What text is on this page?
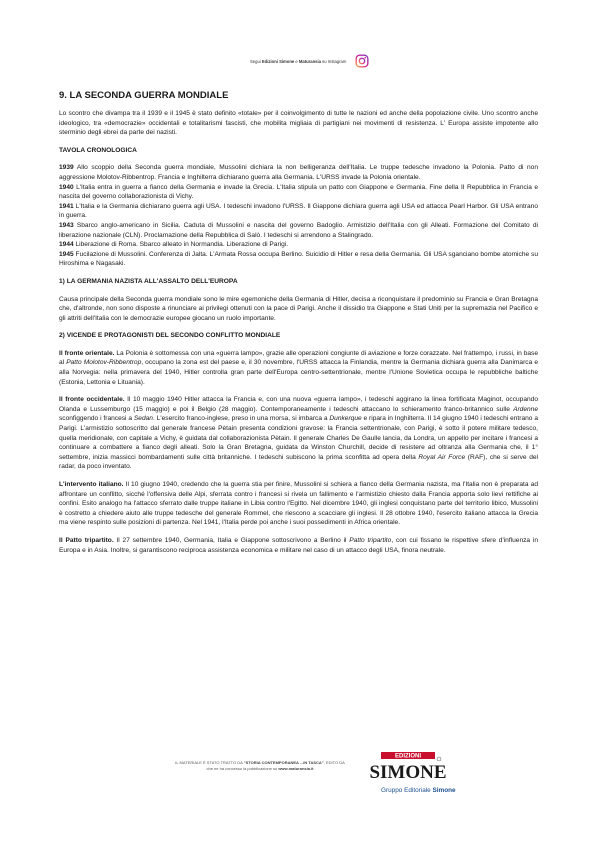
Segui Edizioni Simone e Maturansia su Instagram
9. LA SECONDA GUERRA MONDIALE

Lo scontro che divampa tra il 1939 e il 1945 è stato definito «totale» per il coinvolgimento di tutte le nazioni ed anche della popolazione civile. Uno scontro anche ideologico, tra «democrazie» occidentali e totalitarismi fascisti, che mobilita migliaia di partigiani nei movimenti di resistenza. L' Europa assiste impotente allo sterminio degli ebrei da parte dei nazisti.

TAVOLA CRONOLOGICA

1939 Allo scoppio della Seconda guerra mondiale, Mussolini dichiara la non belligeranza dell'Italia. Le truppe tedesche invadono la Polonia. Patto di non aggressione Molotov-Ribbentrop. Francia e Inghilterra dichiarano guerra alla Germania. L'URSS invade la Polonia orientale.

1940 L'Italia entra in guerra a fianco della Germania e invade la Grecia. L'Italia stipula un patto con Giappone e Germania. Fine della II Repubblica in Francia e nascita del governo collaborazionista di Vichy.

1941 L'Italia e la Germania dichiarano guerra agli USA. I tedeschi invadono l'URSS. Il Giappone dichiara guerra agli USA ed attacca Pearl Harbor. Gli USA entrano in guerra.

1943 Sbarco anglo-americano in Sicilia. Caduta di Mussolini e nascita del governo Badoglio. Armistizio dell'Italia con gli Alleati. Formazione del Comitato di liberazione nazionale (CLN). Proclamazione della Repubblica di Salò. I tedeschi si arrendono a Stalingrado.

1944 Liberazione di Roma. Sbarco alleato in Normandia. Liberazione di Parigi.

1945 Fucilazione di Mussolini. Conferenza di Jalta. L'Armata Rossa occupa Berlino. Suicidio di Hitler e resa della Germania. Gli USA sganciano bombe atomiche su Hiroshima e Nagasaki.

1) LA GERMANIA NAZISTA ALL'ASSALTO DELL'EUROPA

Causa principale della Seconda guerra mondiale sono le mire egemoniche della Germania di Hitler, decisa a riconquistare il predominio su Francia e Gran Bretagna che, d'altronde, non sono disposte a rinunciare ai privilegi ottenuti con la pace di Parigi. Anche il dissidio tra Giappone e Stati Uniti per la supremazia nel Pacifico e gli attriti dell'Italia con le democrazie europee giocano un ruolo importante.

2) VICENDE E PROTAGONISTI DEL SECONDO CONFLITTO MONDIALE

Il fronte orientale. La Polonia è sottomessa con una «guerra lampo», grazie alle operazioni congiunte di aviazione e forze corazzate. Nel frattempo, i russi, in base al Patto Molotov-Ribbentrop, occupano la zona est del paese e, il 30 novembre, l'URSS attacca la Finlandia, mentre la Germania dichiara guerra alla Danimarca e alla Norvegia: nella primavera del 1940, Hitler controlla gran parte dell'Europa centro-settentrionale, mentre l'Unione Sovietica occupa le repubbliche baltiche (Estonia, Lettonia e Lituania).

Il fronte occidentale. Il 10 maggio 1940 Hitler attacca la Francia e, con una nuova «guerra lampo», i tedeschi aggirano la linea fortificata Maginot, occupando Olanda e Lussemburgo (15 maggio) e poi il Belgio (28 maggio). Contemporaneamente i tedeschi attaccano lo schieramento franco-britannico sulle Ardenne sconfiggendo i francesi a Sedan. L'esercito franco-inglese, preso in una morsa, si imbarca a Dunkerque e ripara in Inghilterra. Il 14 giugno 1940 i tedeschi entrano a Parigi. L'armistizio sottoscritto dal generale francese Pètain presenta condizioni gravose: la Francia settentrionale, con Parigi, è sotto il potere militare tedesco, quella meridionale, con capitale a Vichy, è guidata dal collaborazionista Pètain. Il generale Charles De Gaulle lancia, da Londra, un appello per incitare i francesi a continuare a combattere a fianco degli alleati. Solo la Gran Bretagna, guidata da Winston Churchill, decide di resistere ad oltranza alla Germania che, il 1° settembre, inizia massicci bombardamenti sulle città britanniche. I tedeschi subiscono la prima sconfitta ad opera della Royal Air Force (RAF), che si serve del radar, da poco inventato.

L'intervento italiano. Il 10 giugno 1940, credendo che la guerra stia per finire, Mussolini si schiera a fianco della Germania nazista, ma l'Italia non è preparata ad affrontare un conflitto, sicché l'offensiva delle Alpi, sferrata contro i francesi si rivela un fallimento e l'armistizio chiesto dalla Francia apporta solo lievi rettifiche ai confini. Esito analogo ha l'attacco sferrato dalle truppe italiane in Libia contro l'Egitto. Nel dicembre 1940, gli inglesi conquistano parte del territorio libico, Mussolini è costretto a chiedere aiuto alle truppe tedesche del generale Rommel, che riescono a scacciare gli inglesi. Il 28 ottobre 1940, l'esercito italiano attacca la Grecia ma viene respinto sulle posizioni di partenza. Nel 1941, l'Italia perde poi anche i suoi possedimenti in Africa orientale.

Il Patto tripartito. Il 27 settembre 1940, Germania, Italia e Giappone sottoscrivono a Berlino il Patto tripartito, con cui fissano le rispettive sfere d'influenza in Europa e in Asia. Inoltre, si garantiscono reciproca assistenza economica e militare nel caso di un attacco degli USA, finora neutrale.

IL MATERIALE È STATO TRATTO DA "STORIA CONTEMPORANEA ...IN TASCA", EDITO DA

che ne ha concesso la pubblicazione su www.maturansia.it

EDIZIONI
SIMONE
Gruppo Editoriale Simone
